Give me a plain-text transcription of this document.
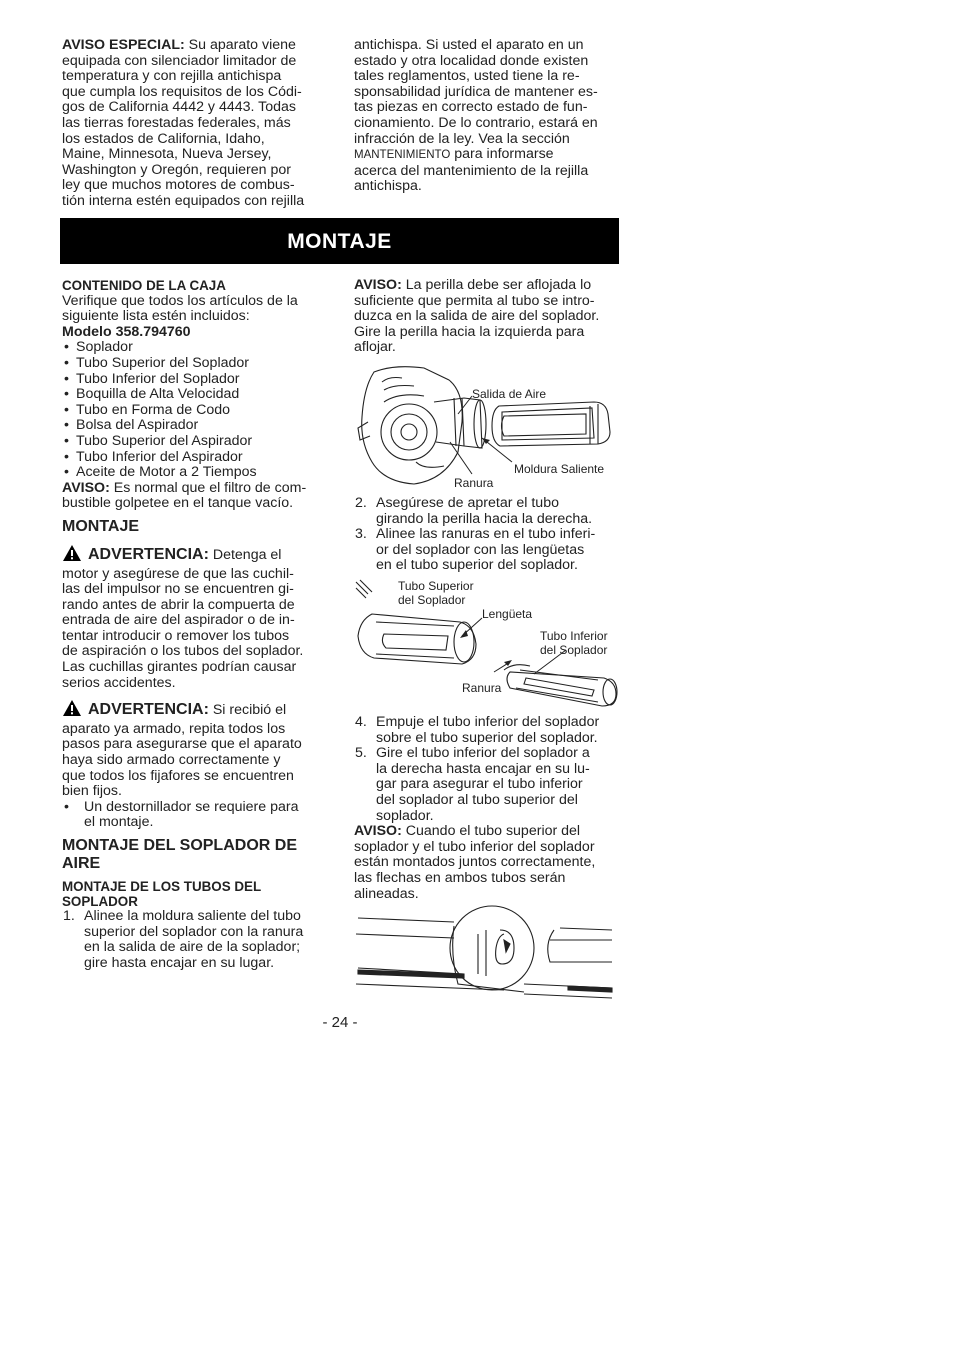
AVISO ESPECIAL: Su aparato viene

equipada con silenciador limitador de

temperatura y con rejilla antichispa

que cumpla los requisitos de los Códi-

gos de California 4442 y 4443. Todas

las tierras forestadas federales, más

los estados de California, Idaho,

Maine, Minnesota, Nueva Jersey,

Washington y Oregón, requieren por

ley que muchos motores de combus-

tión interna estén equipados con rejilla

antichispa. Si usted el aparato en un

estado y otra localidad donde existen

tales reglamentos, usted tiene la re-

sponsabilidad jurídica de mantener es-

tas piezas en correcto estado de fun-

cionamiento. De lo contrario, estará en

infracción de la ley. Vea la sección

MANTENIMIENTO para informarse

acerca del mantenimiento de la rejilla

antichispa.

MONTAJE

CONTENIDO DE LA CAJA

Verifique que todos los artículos de la

siguiente lista estén incluidos:

Modelo 358.794760

• Soplador
• Tubo Superior del Soplador
• Tubo Inferior del Soplador
• Boquilla de Alta Velocidad
• Tubo en Forma de Codo
• Bolsa del Aspirador
• Tubo Superior del Aspirador
• Tubo Inferior del Aspirador
• Aceite de Motor a 2 Tiempos

AVISO: Es normal que el filtro de com-

bustible golpetee en el tanque vacío.

MONTAJE

ADVERTENCIA: Detenga el

motor y asegúrese de que las cuchil-

las del impulsor no se encuentren gi-

rando antes de abrir la compuerta de

entrada de aire del aspirador o de in-

tentar introducir o remover los tubos

de aspiración o los tubos del soplador.

Las cuchillas girantes podrían causar

serios accidentes.

ADVERTENCIA: Si recibió el

aparato ya armado, repita todos los

pasos para asegurarse que el aparato

haya sido armado correctamente y

que todos los fijafores se encuentren

bien fijos.

• Un destornillador se requiere para
el montaje.

MONTAJE DEL SOPLADOR DE
AIRE

MONTAJE DE LOS TUBOS DEL
SOPLADOR

1. Alinee la moldura saliente del tubo
superior del soplador con la ranura
en la salida de aire de la soplador;
gire hasta encajar en su lugar.

AVISO: La perilla debe ser aflojada lo

suficiente que permita al tubo se intro-

duzca en la salida de aire del soplador.

Gire la perilla hacia la izquierda para

aflojar.

Salida de Aire
Moldura Saliente
Ranura
2. Asegúrese de apretar el tubo
girando la perilla hacia la derecha.
3. Alinee las ranuras en el tubo inferi-
or del soplador con las lengüetas
en el tubo superior del soplador.
Tubo Superior
del Soplador
Lengüeta
Tubo Inferior
del Soplador
Ranura
4. Empuje el tubo inferior del soplador
sobre el tubo superior del soplador.
5. Gire el tubo inferior del soplador a
la derecha hasta encajar en su lu-
gar para asegurar el tubo inferior
del soplador al tubo superior del
soplador.

AVISO: Cuando el tubo superior del

soplador y el tubo inferior del soplador

están montados juntos correctamente,

las flechas en ambos tubos serán

alineadas.

- 24 -
